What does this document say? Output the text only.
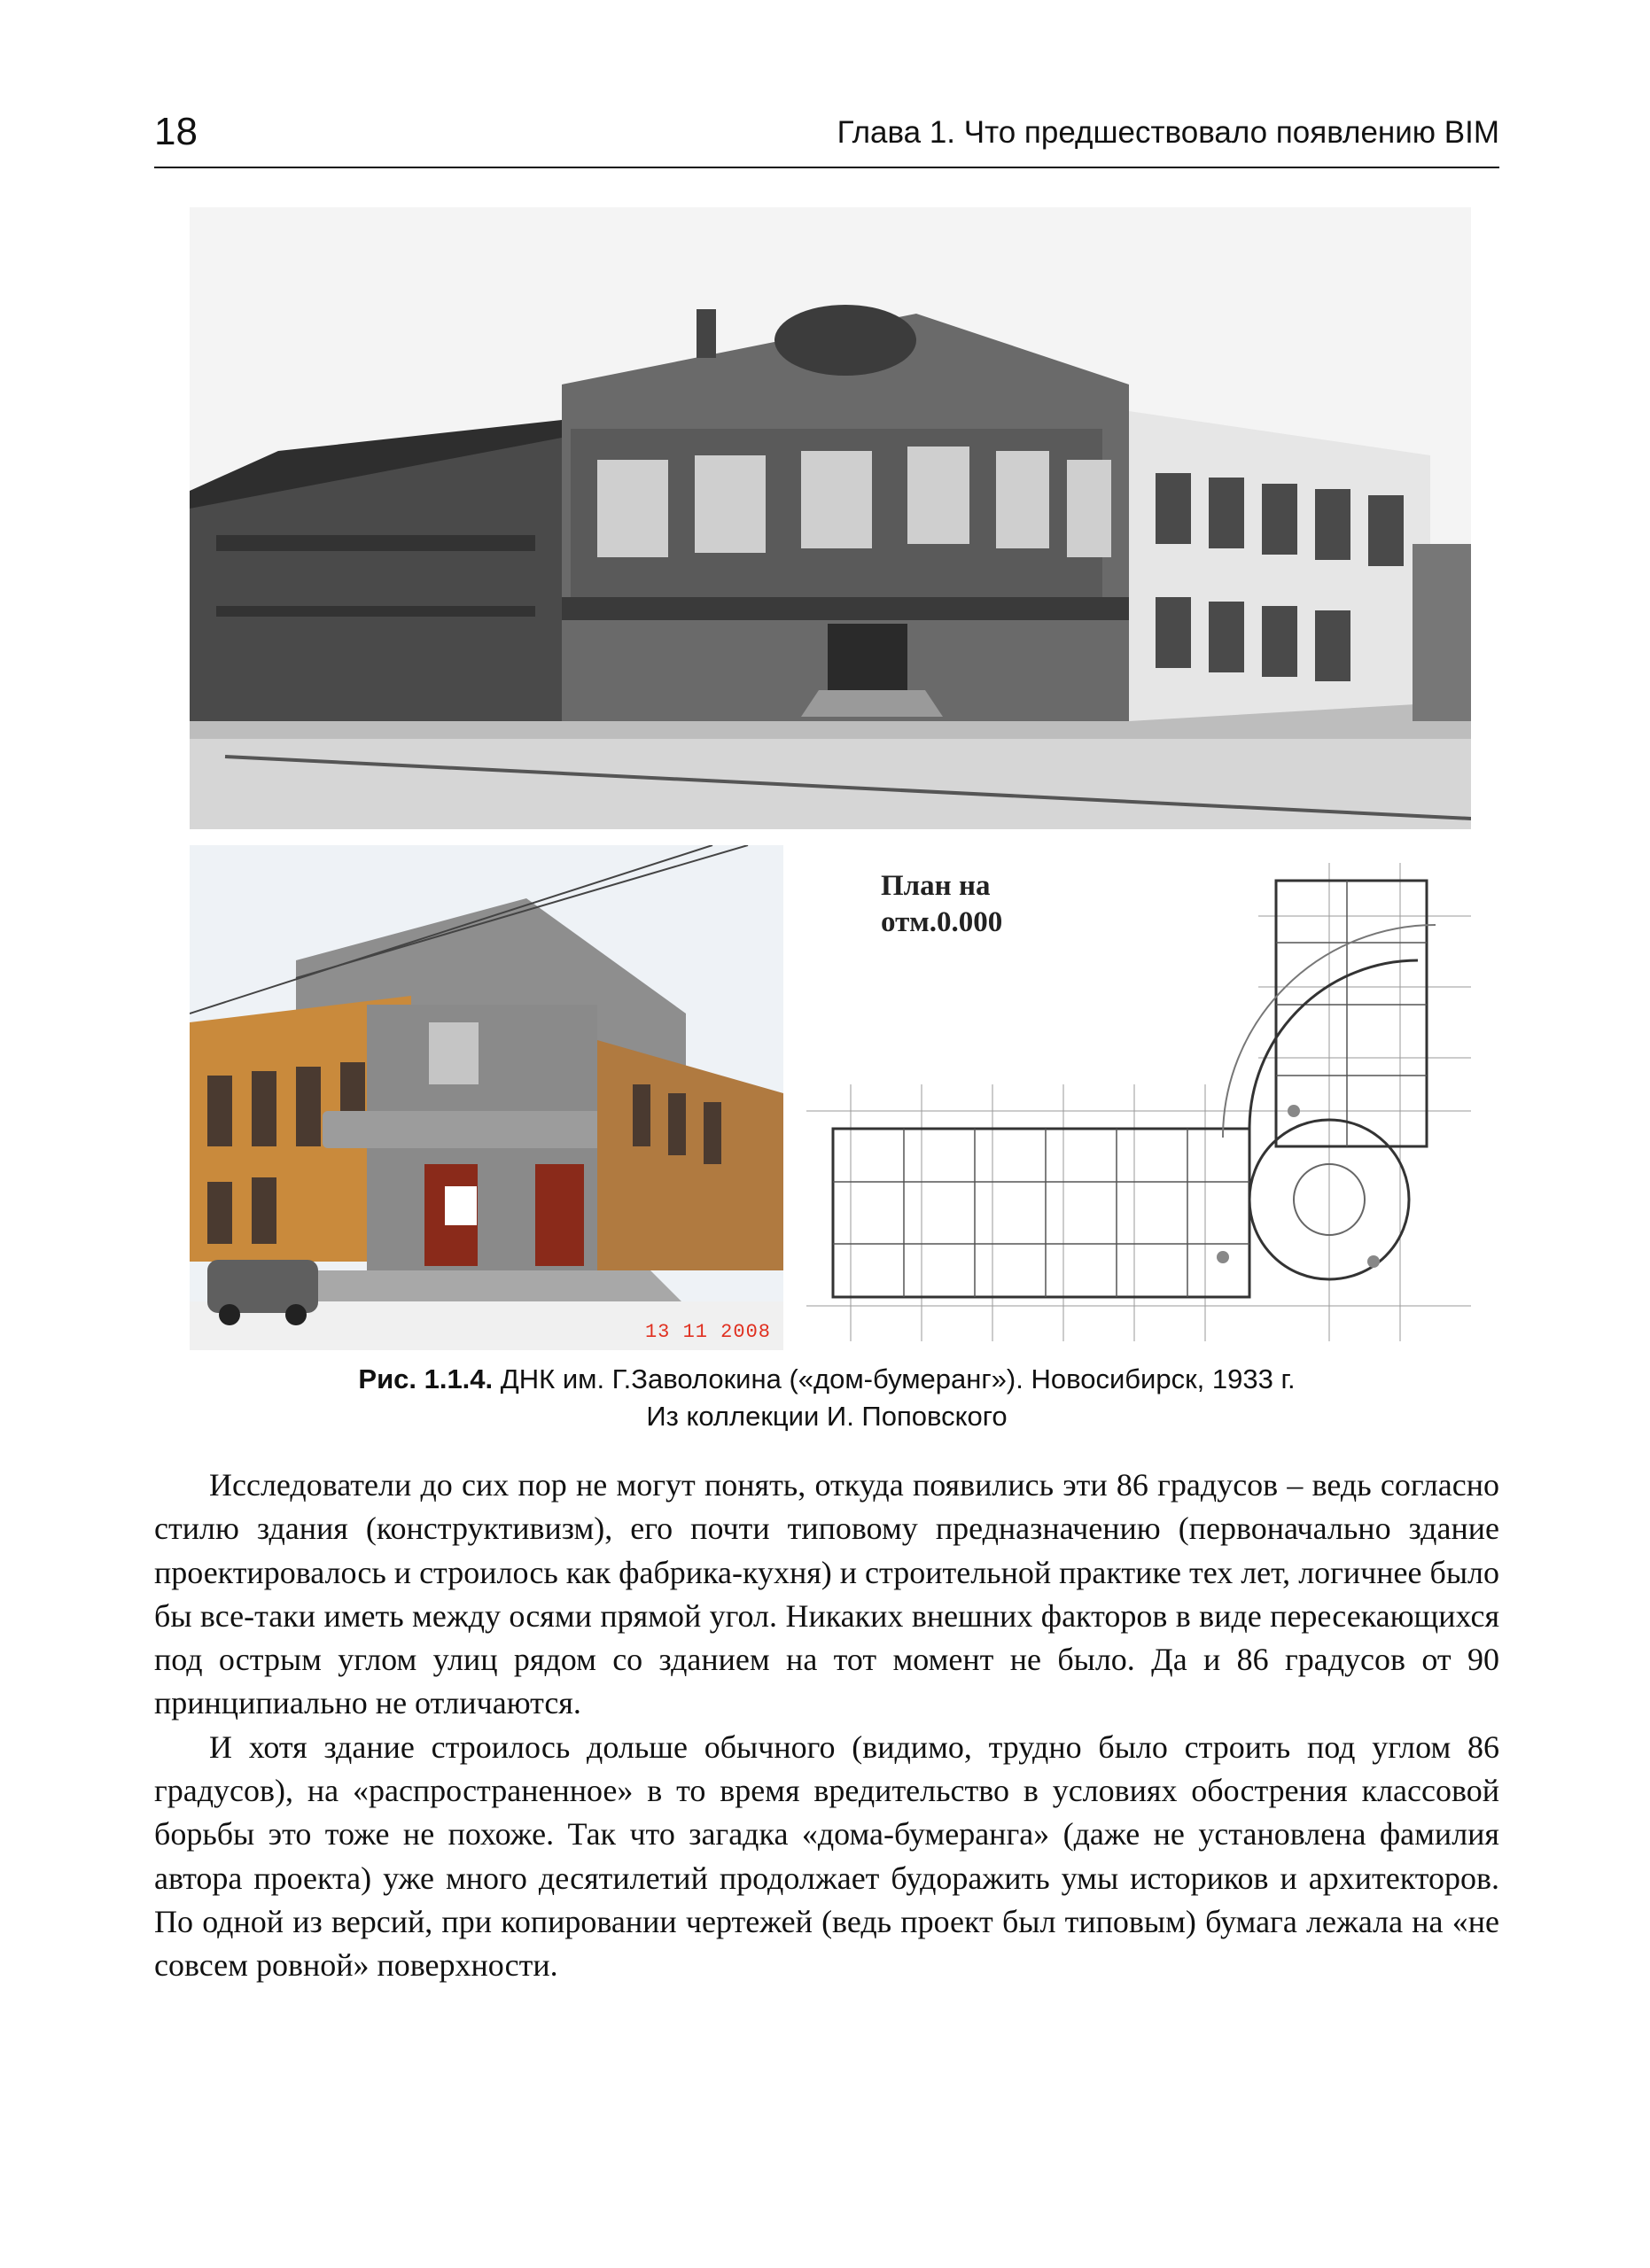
18	Глава 1. Что предшествовало появлению BIM
13 11 2008
План на
отм.0.000
Рис. 1.1.4. ДНК им. Г.Заволокина («дом-бумеранг»). Новосибирск, 1933 г.
Из коллекции И. Поповского

Исследователи до сих пор не могут понять, откуда появились эти 86 градусов – ведь согласно стилю здания (конструктивизм), его почти типовому предназначению (первоначально здание проектировалось и строилось как фабрика-кухня) и строительной практике тех лет, логичнее было бы все-таки иметь между осями прямой угол. Никаких внешних факторов в виде пересекающихся под острым углом улиц рядом со зданием на тот момент не было. Да и 86 градусов от 90 принципиально не отличаются.

И хотя здание строилось дольше обычного (видимо, трудно было строить под углом 86 градусов), на «распространенное» в то время вредительство в условиях обострения классовой борьбы это тоже не похоже. Так что загадка «дома-бумеранга» (даже не установлена фамилия автора проекта) уже много десятилетий продолжает будоражить умы историков и архитекторов. По одной из версий, при копировании чертежей (ведь проект был типовым) бумага лежала на «не совсем ровной» поверхности.
